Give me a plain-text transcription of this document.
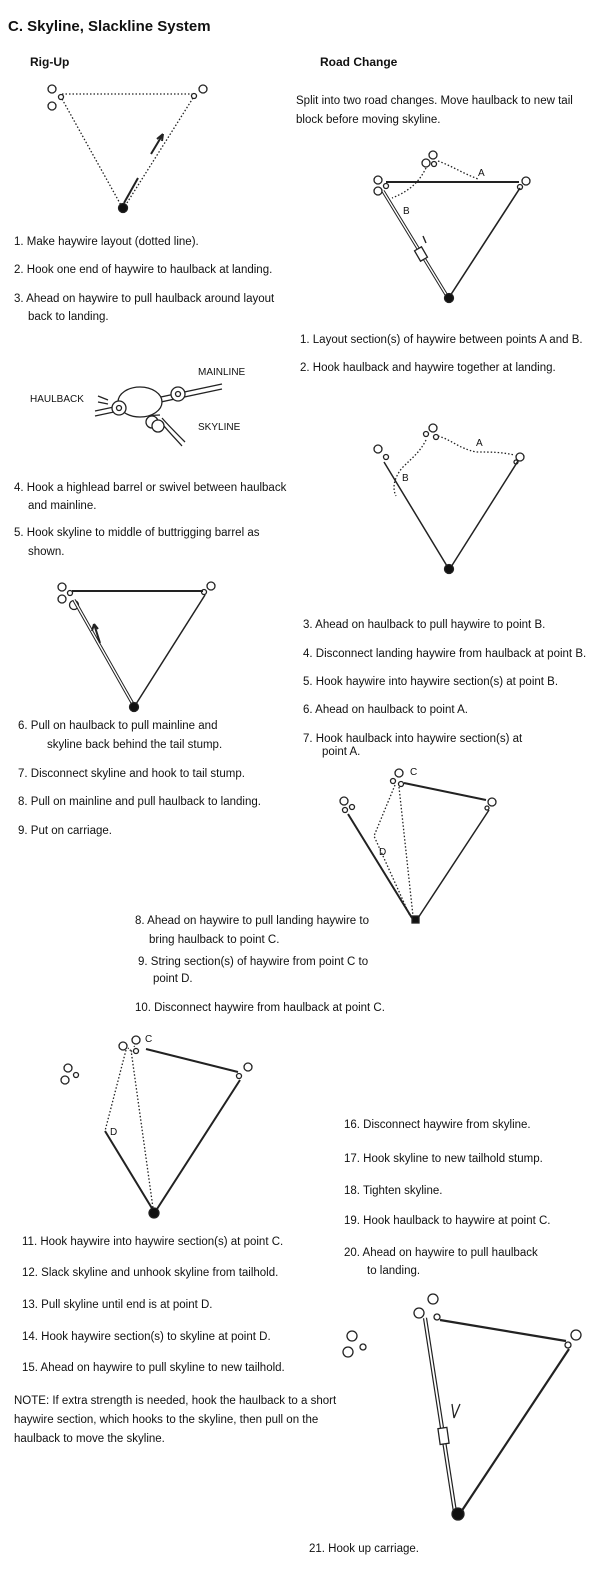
C. Skyline, Slackline System
Rig-Up	Road Change
Split into two road changes. Move haulback to new tail block before moving skyline.
1. Make haywire layout (dotted line).
2. Hook one end of haywire to haulback at landing.
3. Ahead on haywire to pull haulback around layout
back to landing.
4. Hook a highlead barrel or swivel between haulback
and mainline.
5. Hook skyline to middle of buttrigging barrel as
shown.
6. Pull on haulback to pull mainline and
skyline back behind the tail stump.
7. Disconnect skyline and hook to tail stump.
8. Pull on mainline and pull haulback to landing.
9. Put on carriage.
1. Layout section(s) of haywire between points A and B.
2. Hook haulback and haywire together at landing.
3. Ahead on haulback to pull haywire to point B.
4. Disconnect landing haywire from haulback at point B.
5. Hook haywire into haywire section(s) at point B.
6. Ahead on haulback to point A.
7. Hook haulback into haywire section(s) at
point A.
8. Ahead on haywire to pull landing haywire to
bring haulback to point C.
9. String section(s) of haywire from point C to
point D.
10. Disconnect haywire from haulback at point C.
16. Disconnect haywire from skyline.
17. Hook skyline to new tailhold stump.
18. Tighten skyline.
19. Hook haulback to haywire at point C.
20. Ahead on haywire to pull haulback
to landing.
11. Hook haywire into haywire section(s) at point C.
12. Slack skyline and unhook skyline from tailhold.
13. Pull skyline until end is at point D.
14. Hook haywire section(s) to skyline at point D.
15. Ahead on haywire to pull skyline to new tailhold.
NOTE: If extra strength is needed, hook the haulback to a short haywire section, which hooks to the skyline, then pull on the haulback to move the skyline.
21. Hook up carriage.
MAINLINE
HAULBACK
SKYLINE
A
B
A
B
C
D
C
D
